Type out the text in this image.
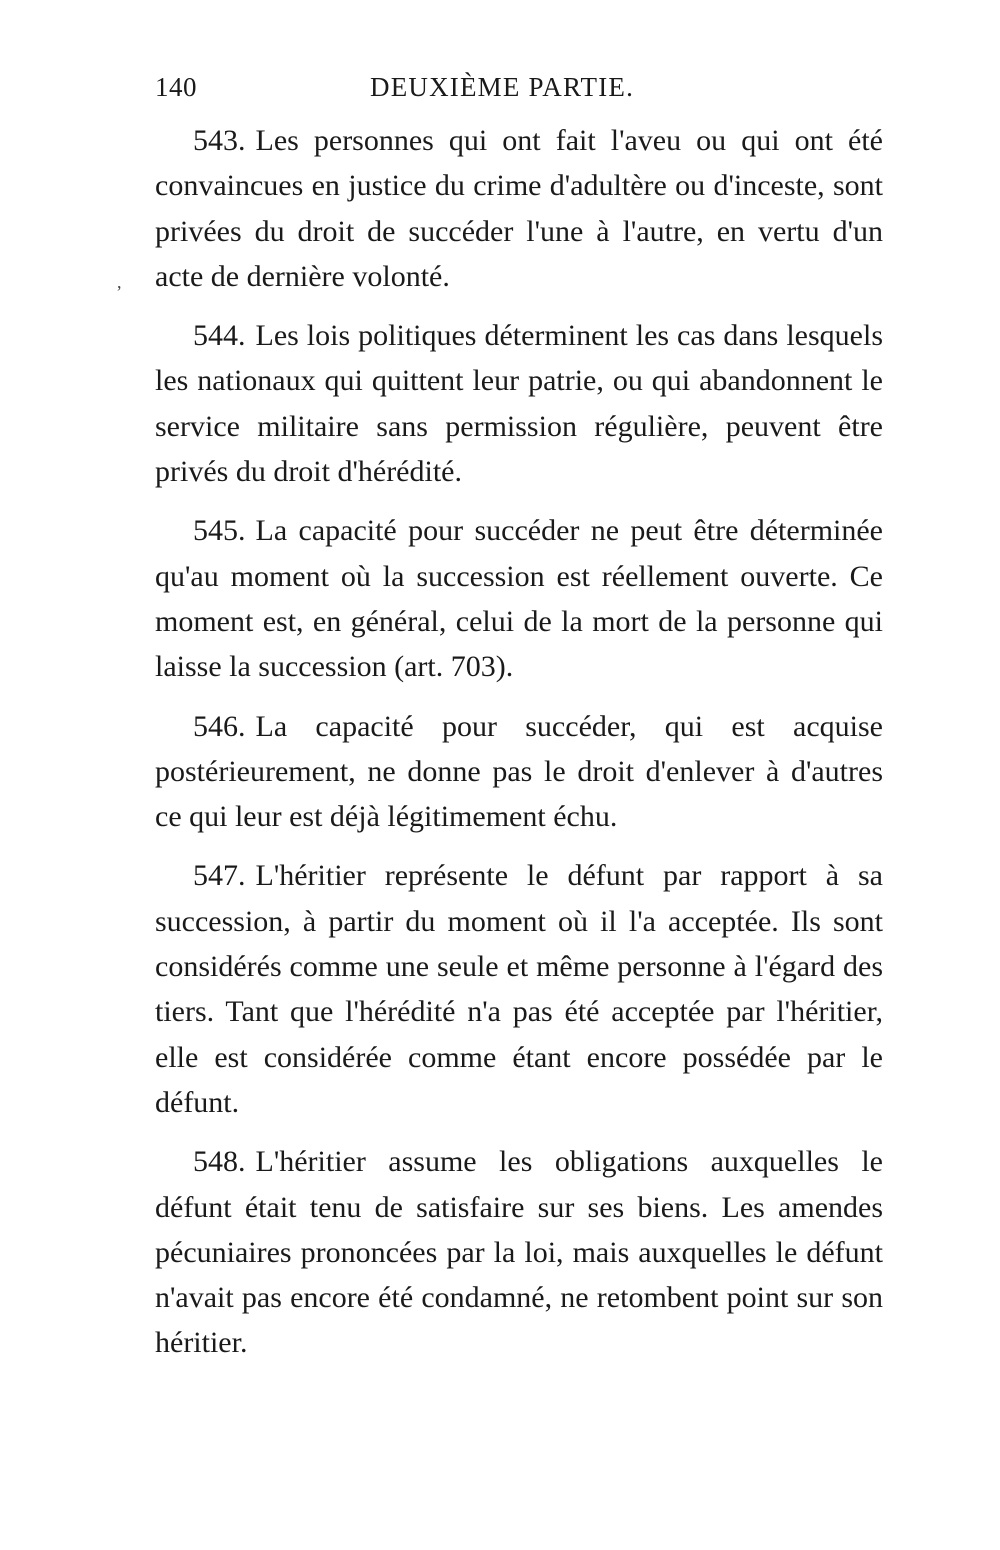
140	DEUXIÈME PARTIE.
,

543. Les personnes qui ont fait l'aveu ou qui ont été convaincues en justice du crime d'adultère ou d'inceste, sont privées du droit de succéder l'une à l'autre, en vertu d'un acte de dernière volonté.

544. Les lois politiques déterminent les cas dans lesquels les nationaux qui quittent leur patrie, ou qui abandonnent le service militaire sans permission régulière, peuvent être privés du droit d'hérédité.

545. La capacité pour succéder ne peut être déterminée qu'au moment où la succession est réellement ouverte. Ce moment est, en général, celui de la mort de la personne qui laisse la succession (art. 703).

546. La capacité pour succéder, qui est acquise postérieurement, ne donne pas le droit d'enlever à d'autres ce qui leur est déjà légitimement échu.

547. L'héritier représente le défunt par rapport à sa succession, à partir du moment où il l'a acceptée. Ils sont considérés comme une seule et même personne à l'égard des tiers. Tant que l'hérédité n'a pas été acceptée par l'héritier, elle est considérée comme étant encore possédée par le défunt.

548. L'héritier assume les obligations auxquelles le défunt était tenu de satisfaire sur ses biens. Les amendes pécuniaires prononcées par la loi, mais auxquelles le défunt n'avait pas encore été condamné, ne retombent point sur son héritier.
